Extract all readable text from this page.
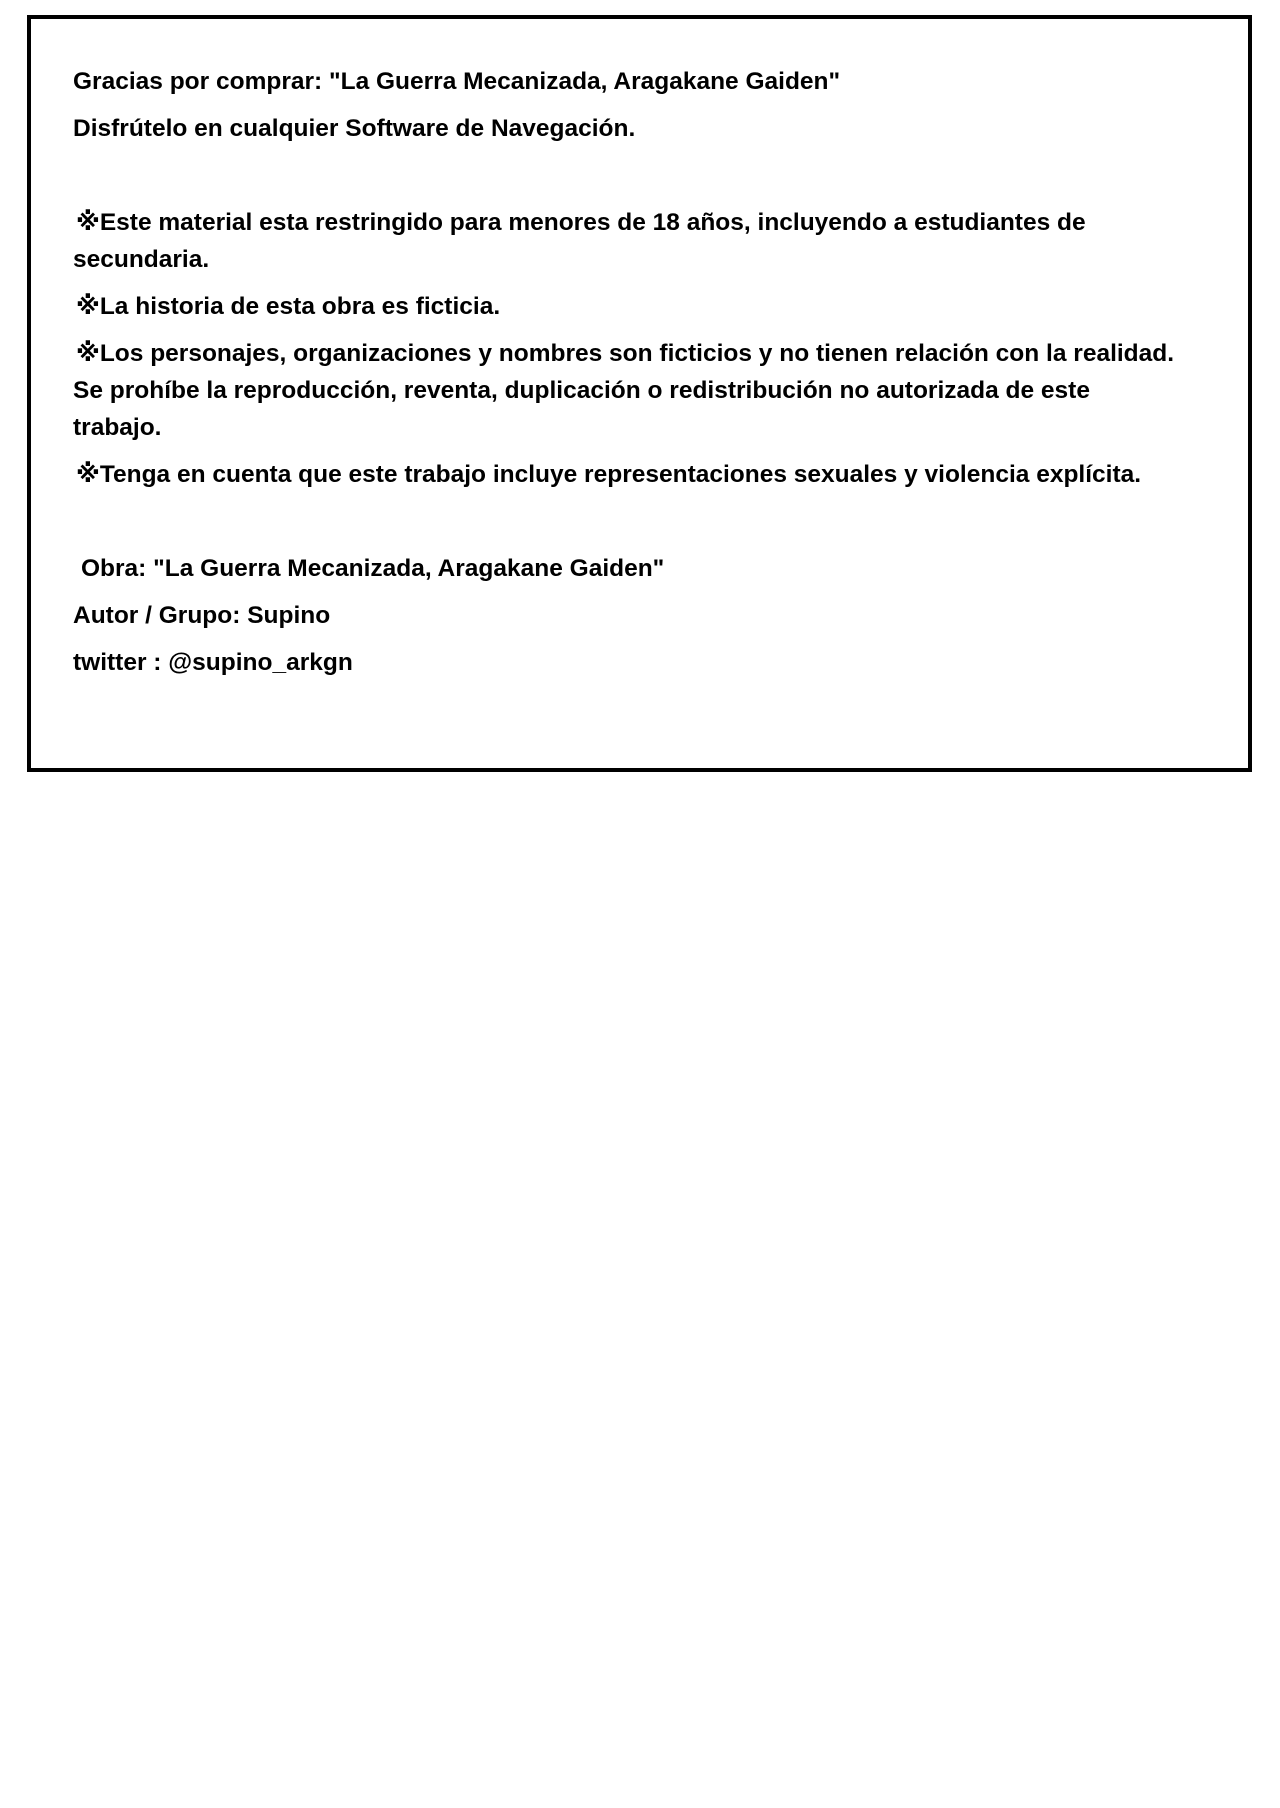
Gracias por comprar: "La Guerra Mecanizada, Aragakane Gaiden"
Disfrútelo en cualquier Software de Navegación.
※Este material esta restringido para menores de 18 años, incluyendo a estudiantes de
secundaria.
※La historia de esta obra es ficticia.
※Los personajes, organizaciones y nombres son ficticios y no tienen relación con la realidad.
Se prohíbe la reproducción, reventa, duplicación o redistribución no autorizada de este
trabajo.
※Tenga en cuenta que este trabajo incluye representaciones sexuales y violencia explícita.
Obra: "La Guerra Mecanizada, Aragakane Gaiden"
Autor / Grupo: Supino
twitter : @supino_arkgn
